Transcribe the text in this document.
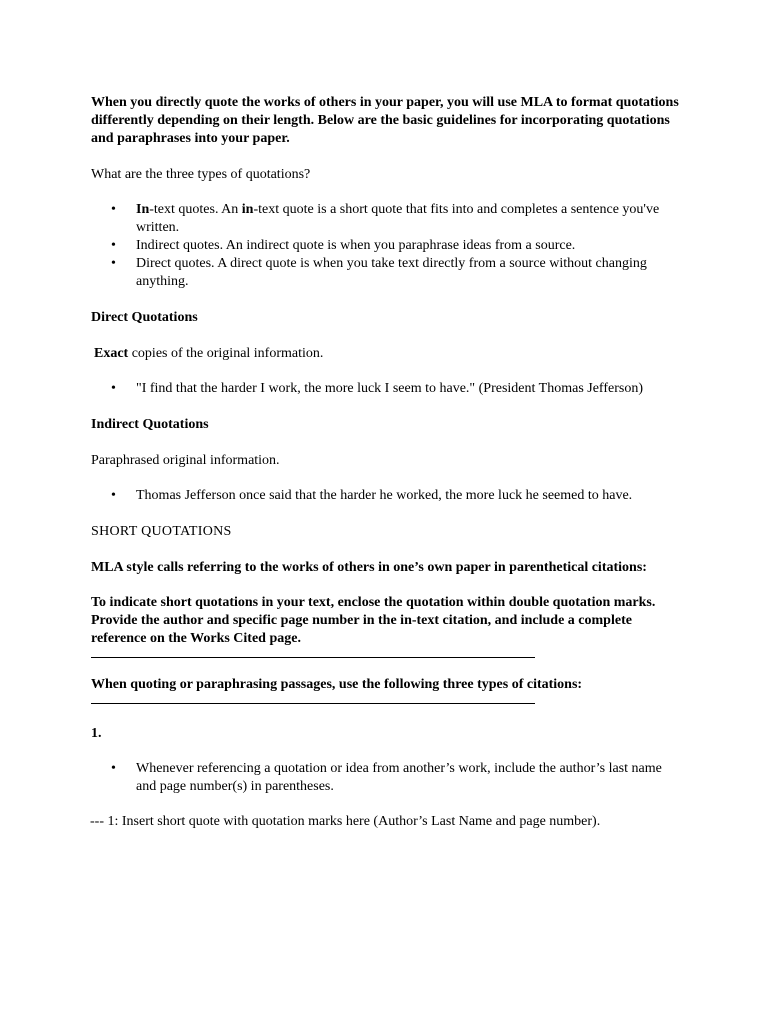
When you directly quote the works of others in your paper, you will use MLA to format quotations differently depending on their length. Below are the basic guidelines for incorporating quotations and paraphrases into your paper.

What are the three types of quotations?

• In-text quotes. An in-text quote is a short quote that fits into and completes a sentence you've written.
• Indirect quotes. An indirect quote is when you paraphrase ideas from a source.
• Direct quotes. A direct quote is when you take text directly from a source without changing anything.

Direct Quotations

Exact copies of the original information.

• "I find that the harder I work, the more luck I seem to have." (President Thomas Jefferson)

Indirect Quotations

Paraphrased original information.

• Thomas Jefferson once said that the harder he worked, the more luck he seemed to have.

SHORT QUOTATIONS

MLA style calls referring to the works of others in one’s own paper in parenthetical citations:

To indicate short quotations in your text, enclose the quotation within double quotation marks. Provide the author and specific page number in the in-text citation, and include a complete reference on the Works Cited page.

When quoting or paraphrasing passages, use the following three types of citations:

1.

• Whenever referencing a quotation or idea from another’s work, include the author’s last name and page number(s) in parentheses.

--- 1: Insert short quote with quotation marks here (Author’s Last Name and page number).
